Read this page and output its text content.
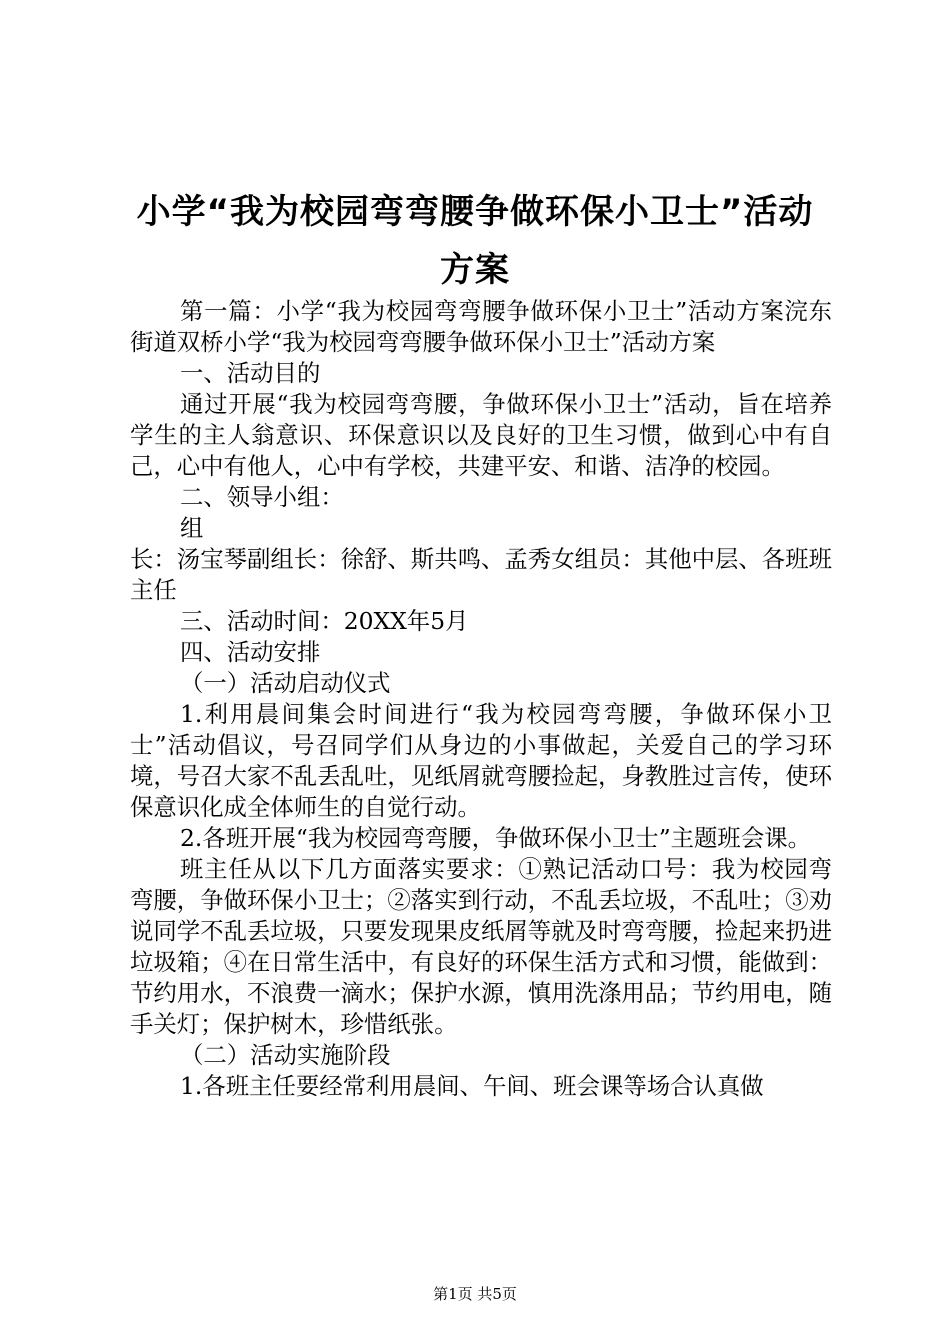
小学“我为校园弯弯腰争做环保小卫士”活动
方案

第一篇：小学“我为校园弯弯腰争做环保小卫士”活动方案浣东街道双桥小学“我为校园弯弯腰争做环保小卫士”活动方案

一、活动目的

通过开展“我为校园弯弯腰，争做环保小卫士”活动，旨在培养学生的主人翁意识、环保意识以及良好的卫生习惯，做到心中有自己，心中有他人，心中有学校，共建平安、和谐、洁净的校园。

二、领导小组：

组

长：汤宝琴副组长：徐舒、斯共鸣、孟秀女组员：其他中层、各班班主任

三、活动时间：20XX年5月

四、活动安排

（一）活动启动仪式

1.利用晨间集会时间进行“我为校园弯弯腰，争做环保小卫士”活动倡议，号召同学们从身边的小事做起，关爱自己的学习环境，号召大家不乱丢乱吐，见纸屑就弯腰捡起，身教胜过言传，使环保意识化成全体师生的自觉行动。

2.各班开展“我为校园弯弯腰，争做环保小卫士”主题班会课。

班主任从以下几方面落实要求：①熟记活动口号：我为校园弯弯腰，争做环保小卫士；②落实到行动，不乱丢垃圾，不乱吐；③劝说同学不乱丢垃圾，只要发现果皮纸屑等就及时弯弯腰，捡起来扔进垃圾箱；④在日常生活中，有良好的环保生活方式和习惯，能做到：节约用水，不浪费一滴水；保护水源，慎用洗涤用品；节约用电，随手关灯；保护树木，珍惜纸张。

（二）活动实施阶段

1.各班主任要经常利用晨间、午间、班会课等场合认真做

第1页 共5页
